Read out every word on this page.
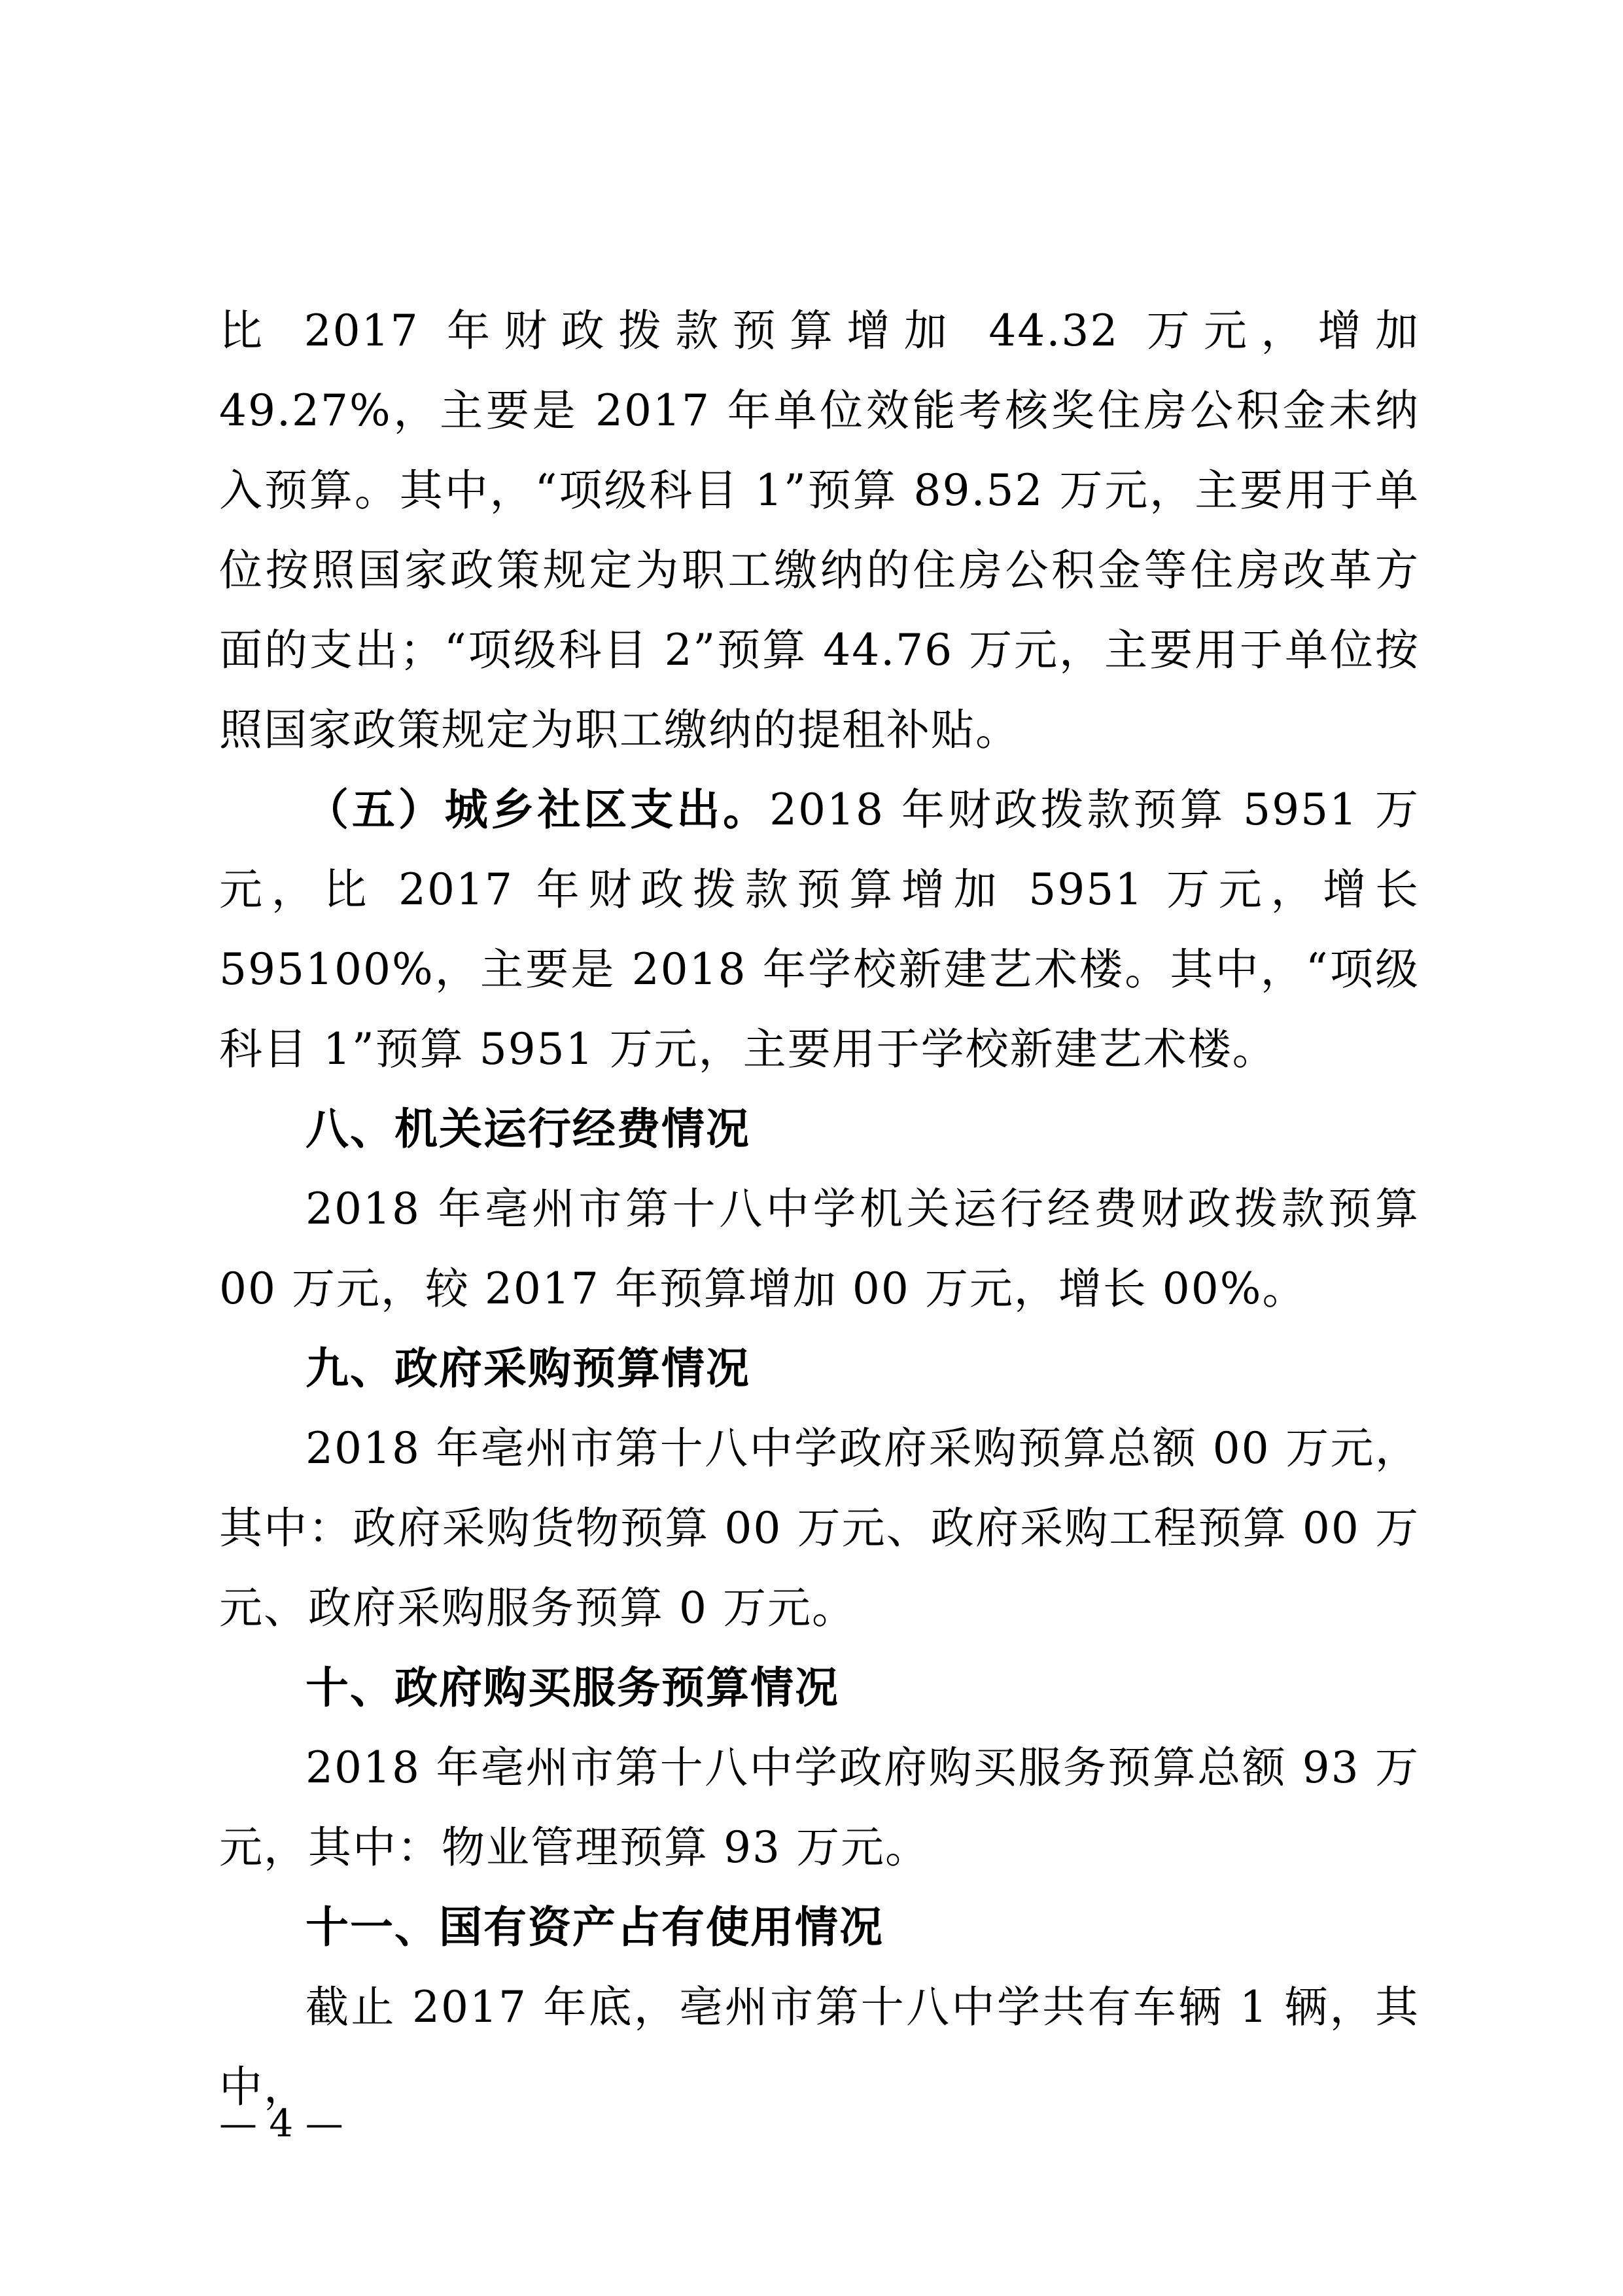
比 2017 年财政拨款预算增加 44.32 万元，增加 49.27%，主要是 2017 年单位效能考核奖住房公积金未纳入预算。其中，“项级科目 1”预算 89.52 万元，主要用于单位按照国家政策规定为职工缴纳的住房公积金等住房改革方面的支出；“项级科目 2”预算 44.76 万元，主要用于单位按照国家政策规定为职工缴纳的提租补贴。

（五）城乡社区支出。2018 年财政拨款预算 5951 万元，比 2017 年财政拨款预算增加 5951 万元，增长 595100%，主要是 2018 年学校新建艺术楼。其中，“项级科目 1”预算 5951 万元，主要用于学校新建艺术楼。

八、机关运行经费情况

2018 年亳州市第十八中学机关运行经费财政拨款预算 00 万元，较 2017 年预算增加 00 万元，增长 00%。

九、政府采购预算情况

2018 年亳州市第十八中学政府采购预算总额 00 万元，其中：政府采购货物预算 00 万元、政府采购工程预算 00 万元、政府采购服务预算 0 万元。

十、政府购买服务预算情况

2018 年亳州市第十八中学政府购买服务预算总额 93 万元，其中：物业管理预算 93 万元。

十一、国有资产占有使用情况

截止 2017 年底，亳州市第十八中学共有车辆 1 辆，其中，

— 4 —
